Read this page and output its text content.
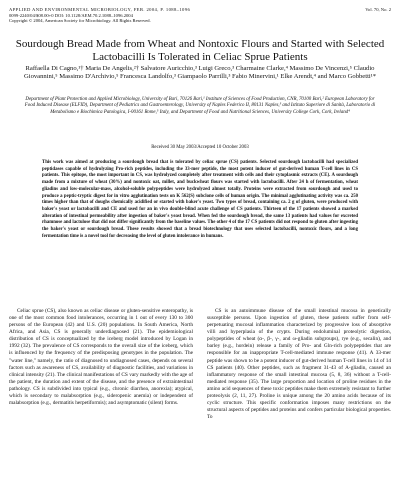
APPLIED AND ENVIRONMENTAL MICROBIOLOGY, FEB. 2004, P. 1088–1096	Vol. 70, No. 2
0099-2240/04/$08.00+0 DOI: 10.1128/AEM.70.2.1088–1096.2004
Copyright © 2004, American Society for Microbiology. All Rights Reserved.
Sourdough Bread Made from Wheat and Nontoxic Flours and Started with Selected Lactobacilli Is Tolerated in Celiac Sprue Patients
Raffaella Di Cagno,¹† Maria De Angelis,²† Salvatore Auricchio,³ Luigi Greco,³ Charmaine Clarke,⁴ Massimo De Vincenzi,⁵ Claudio Giovannini,⁵ Massimo D'Archivio,⁵ Francesca Landolfo,³ Giampaolo Parrilli,³ Fabio Minervini,¹ Elke Arendt,⁴ and Marco Gobbetti¹*
Department of Plant Protection and Applied Microbiology, University of Bari, 70126 Bari,¹ Institute of Sciences of Food Production, CNR, 70100 Bari,² European Laboratory for Food Induced Disease (ELFID), Department of Pediatrics and Gastroenterology, University of Naples Federico II, 80131 Naples,³ and Istituto Superiore di Sanità, Laboratorio di Metabolismo e Biochimica Patologica, I-00161 Rome,⁵ Italy, and Department of Food and Nutritional Sciences, University College Cork, Cork, Ireland⁴
Received 30 May 2003/Accepted 10 October 2003
This work was aimed at producing a sourdough bread that is tolerated by celiac sprue (CS) patients. Selected sourdough lactobacilli had specialized peptidases capable of hydrolyzing Pro-rich peptides, including the 33-mer peptide, the most potent inducer of gut-derived human T-cell lines in CS patients. This epitope, the most important in CS, was hydrolyzed completely after treatment with cells and their cytoplasmic extracts (CE). A sourdough made from a mixture of wheat (30%) and nontoxic oat, millet, and buckwheat flours was started with lactobacilli. After 24 h of fermentation, wheat gliadins and low-molecular-mass, alcohol-soluble polypeptides were hydrolyzed almost totally. Proteins were extracted from sourdough and used to produce a peptic-tryptic digest for in vitro agglutination tests on K 562(S) subclone cells of human origin. The minimal agglutinating activity was ca. 250 times higher than that of doughs chemically acidified or started with baker's yeast. Two types of bread, containing ca. 2 g of gluten, were produced with baker's yeast or lactobacilli and CE and used for an in vivo double-blind acute challenge of CS patients. Thirteen of the 17 patients showed a marked alteration of intestinal permeability after ingestion of baker's yeast bread. When fed the sourdough bread, the same 13 patients had values for excreted rhamnose and lactulose that did not differ significantly from the baseline values. The other 4 of the 17 CS patients did not respond to gluten after ingesting the baker's yeast or sourdough bread. These results showed that a bread biotechnology that uses selected lactobacilli, nontoxic flours, and a long fermentation time is a novel tool for decreasing the level of gluten intolerance in humans.

Celiac sprue (CS), also known as celiac disease or gluten-sensitive enteropathy, is one of the most common food intolerances, occurring in 1 out of every 130 to 300 persons of the European (42) and U.S. (20) populations. In South America, North Africa, and Asia, CS is generally underdiagnosed (21). The epidemiological distribution of CS is conceptualized by the iceberg model introduced by Logan in 1992 (32). The prevalence of CS corresponds to the overall size of the iceberg, which is influenced by the frequency of the predisposing genotypes in the population. The "water line," namely, the ratio of diagnosed to undiagnosed cases, depends on several factors such as awareness of CS, availability of diagnostic facilities, and variations in clinical intensity (21). The clinical manifestations of CS vary markedly with the age of the patient, the duration and extent of the disease, and the presence of extraintestinal pathology. CS is subdivided into typical (e.g., chronic diarrhea, anorexia); atypical, which is secondary to malabsorption (e.g., sideropenic anemia) or independent of malabsorption (e.g., dermatitis herpetiformis); and asymptomatic (silent) forms.

CS is an autoimmune disease of the small intestinal mucosa in genetically susceptible persons. Upon ingestion of gluten, these patients suffer from self-perpetuating mucosal inflammation characterized by progressive loss of absorptive villi and hyperplasia of the crypts. During endoluminal proteolytic digestion, polypeptides of wheat (α-, β-, γ-, and ω-gliadin subgroups), rye (e.g., secalin), and barley (e.g., hordein) release a family of Pro- and Gln-rich polypeptides that are responsible for an inappropriate T-cell-mediated immune response (41). A 33-mer peptide was shown to be a potent inducer of gut-derived human T-cell lines in 14 of 14 CS patients (40). Other peptides, such as fragment 31-43 of A-gliadin, caused an inflammatory response of the small intestinal mucosa (5, 8, 36) without a T-cell-mediated response (35). The large proportion and location of proline residues in the amino acid sequences of these toxic peptides make them extremely resistant to further proteolysis (2, 11, 27). Proline is unique among the 20 amino acids because of its cyclic structure. This specific conformation imposes many restrictions on the structural aspects of peptides and proteins and confers particular biological properties. To
